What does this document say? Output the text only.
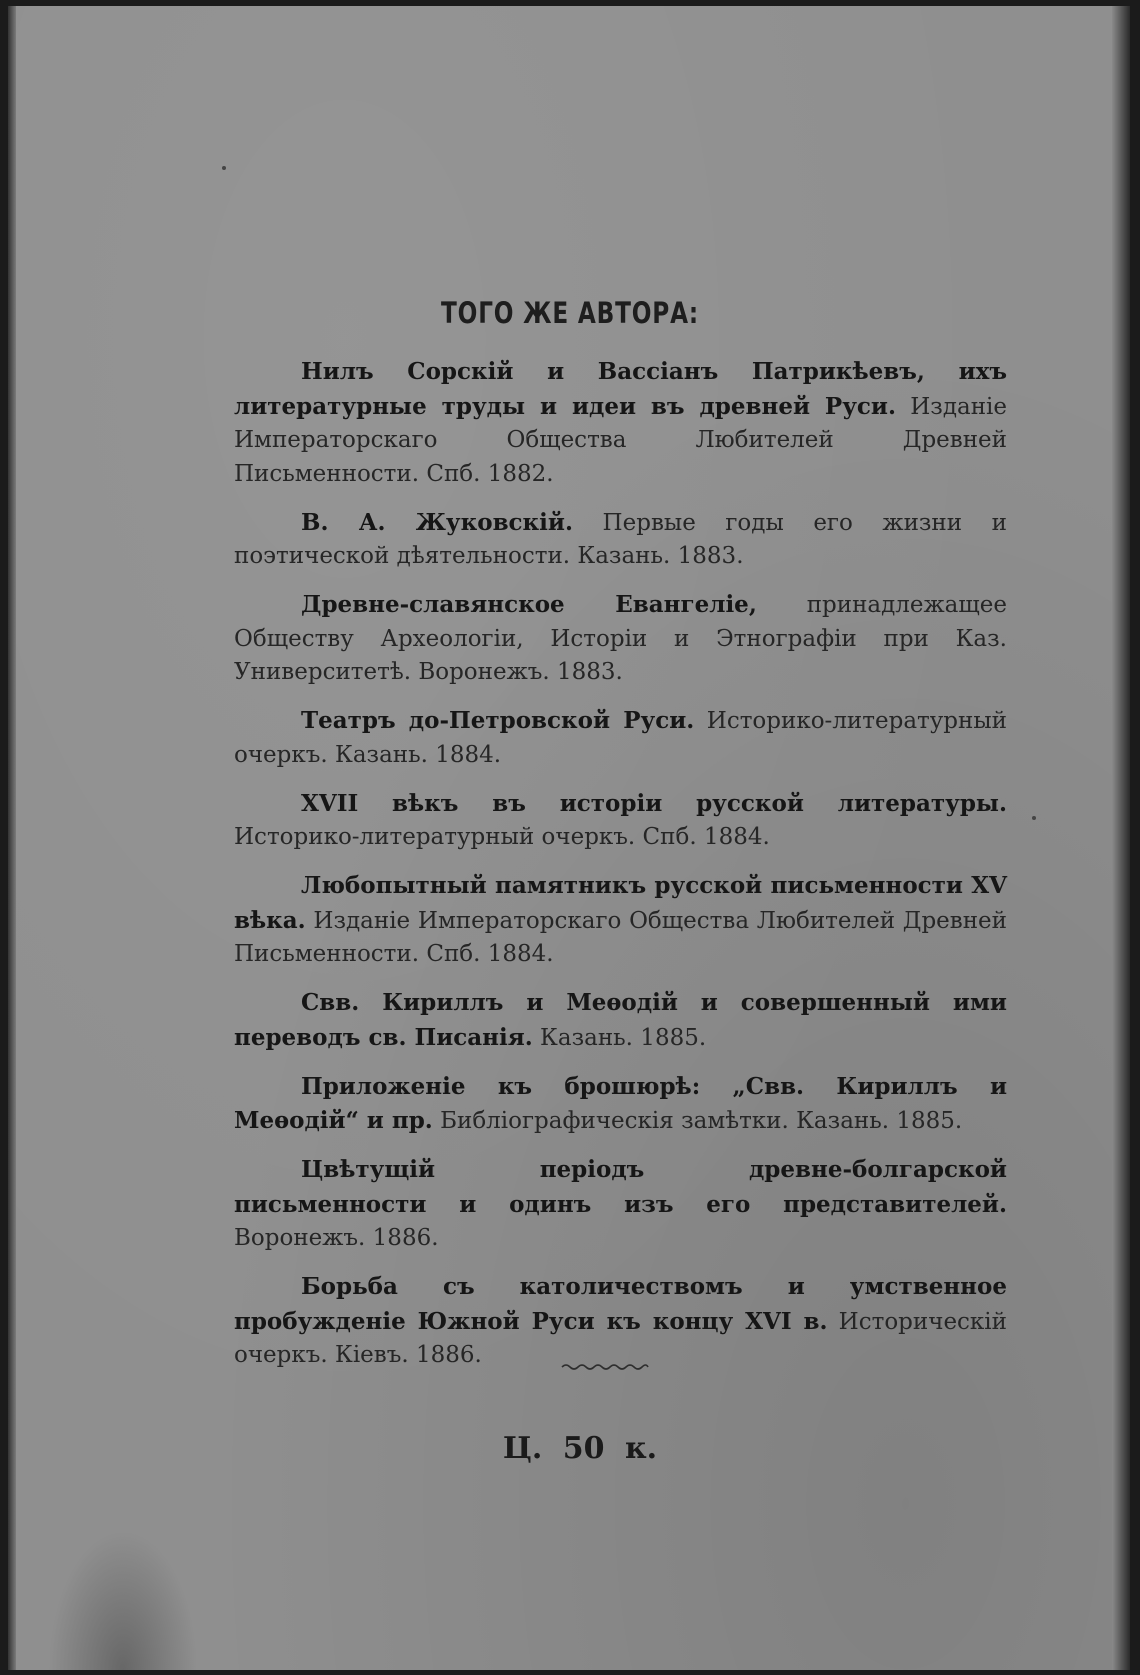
ТОГО ЖЕ АВТОРА:

Нилъ Сорскій и Вассіанъ Патрикѣевъ, ихъ литературные труды и идеи въ древней Руси. Изданіе Императорскаго Общества Любителей Древней Письменности. Спб. 1882.

В. А. Жуковскій. Первые годы его жизни и поэтической дѣятельности. Казань. 1883.

Древне-славянское Евангеліе, принадлежащее Обществу Археологіи, Исторіи и Этнографіи при Каз. Университетѣ. Воронежъ. 1883.

Театръ до-Петровской Руси. Историко-литературный очеркъ. Казань. 1884.

XVII вѣкъ въ исторіи русской литературы. Историко-литературный очеркъ. Спб. 1884.

Любопытный памятникъ русской письменности XV вѣка. Изданіе Императорскаго Общества Любителей Древней Письменности. Спб. 1884.

Свв. Кириллъ и Меѳодій и совершенный ими переводъ св. Писанія. Казань. 1885.

Приложеніе къ брошюрѣ: „Свв. Кириллъ и Меѳодій“ и пр. Библіографическія замѣтки. Казань. 1885.

Цвѣтущій періодъ древне-болгарской письменности и одинъ изъ его представителей. Воронежъ. 1886.

Борьба съ католичествомъ и умственное пробужденіе Южной Руси къ концу XVI в. Историческій очеркъ. Кіевъ. 1886.

Ц. 50 к.
